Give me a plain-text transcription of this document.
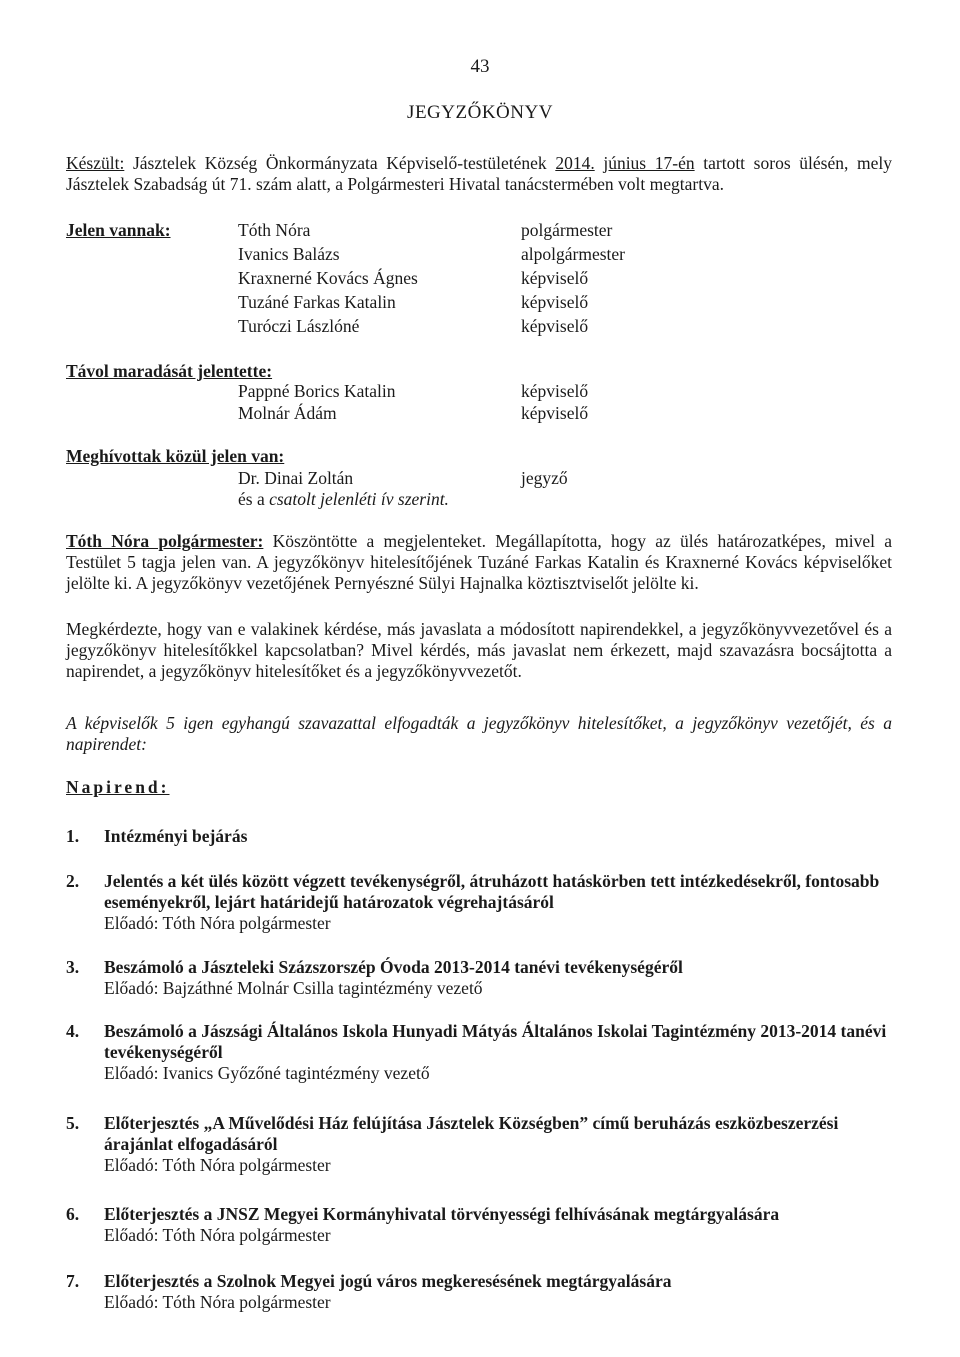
43
JEGYZŐKÖNYV
Készült: Jásztelek Község Önkormányzata Képviselő-testületének 2014. június 17-én tartott soros ülésén, mely Jásztelek Szabadság út 71. szám alatt, a Polgármesteri Hivatal tanácstermében volt megtartva.
Jelen vannak:	Tóth Nóra	polgármester
Ivanics Balázs	alpolgármester
Kraxnerné Kovács Ágnes	képviselő
Tuzáné Farkas Katalin	képviselő
Turóczi Lászlóné	képviselő
Távol maradását jelentette:
Pappné Borics Katalin	képviselő
Molnár Ádám	képviselő
Meghívottak közül jelen van:
Dr. Dinai Zoltán	jegyző
és a csatolt jelenléti ív szerint.
Tóth Nóra polgármester: Köszöntötte a megjelenteket. Megállapította, hogy az ülés határozatképes, mivel a Testület 5 tagja jelen van. A jegyzőkönyv hitelesítőjének Tuzáné Farkas Katalin és Kraxnerné Kovács képviselőket jelölte ki. A jegyzőkönyv vezetőjének Pernyészné Sülyi Hajnalka köztisztviselőt jelölte ki.
Megkérdezte, hogy van e valakinek kérdése, más javaslata a módosított napirendekkel, a jegyzőkönyvvezetővel és a jegyzőkönyv hitelesítőkkel kapcsolatban? Mivel kérdés, más javaslat nem érkezett, majd szavazásra bocsájtotta a napirendet, a jegyzőkönyv hitelesítőket és a jegyzőkönyvvezetőt.
A képviselők 5 igen egyhangú szavazattal elfogadták a jegyzőkönyv hitelesítőket, a jegyzőkönyv vezetőjét, és a napirendet:
Napirend:
1.	Intézményi bejárás
2.	Jelentés a két ülés között végzett tevékenységről, átruházott hatáskörben tett intézkedésekről, fontosabb eseményekről, lejárt határidejű határozatok végrehajtásáról
Előadó: Tóth Nóra polgármester
3.	Beszámoló a Jászteleki Százszorszép Óvoda 2013-2014 tanévi tevékenységéről
Előadó: Bajzáthné Molnár Csilla tagintézmény vezető
4.	Beszámoló a Jászsági Általános Iskola Hunyadi Mátyás Általános Iskolai Tagintézmény 2013-2014 tanévi tevékenységéről
Előadó: Ivanics Győzőné tagintézmény vezető
5.	Előterjesztés „A Művelődési Ház felújítása Jásztelek Községben” című beruházás eszközbeszerzési árajánlat elfogadásáról
Előadó: Tóth Nóra polgármester
6.	Előterjesztés a JNSZ Megyei Kormányhivatal törvényességi felhívásának megtárgyalására
Előadó: Tóth Nóra polgármester
7.	Előterjesztés a Szolnok Megyei jogú város megkeresésének megtárgyalására
Előadó: Tóth Nóra polgármester
